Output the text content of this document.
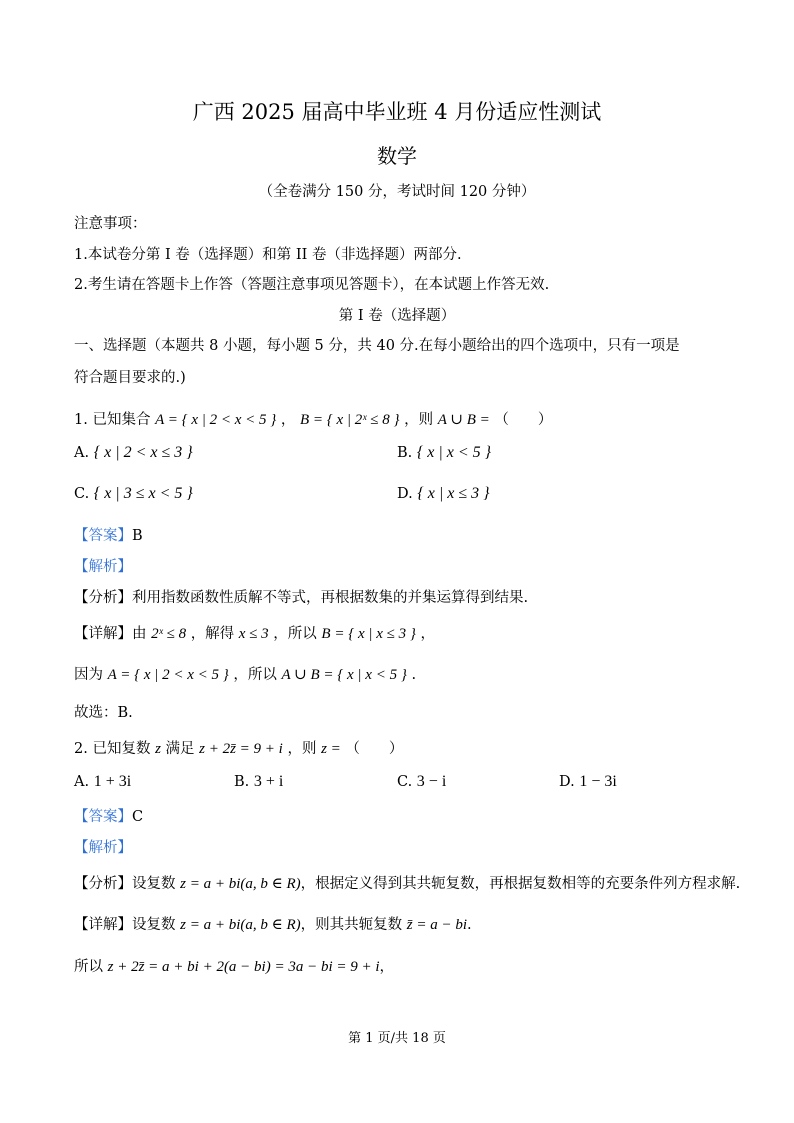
广西 2025 届高中毕业班 4 月份适应性测试
数学
（全卷满分 150 分，考试时间 120 分钟）
注意事项：
1.本试卷分第 I 卷（选择题）和第 II 卷（非选择题）两部分.
2.考生请在答题卡上作答（答题注意事项见答题卡），在本试题上作答无效.
第 I 卷（选择题）
一、选择题（本题共 8 小题，每小题 5 分，共 40 分.在每小题给出的四个选项中，只有一项是
符合题目要求的.)
1. 已知集合 A = { x | 2 < x < 5 } ， B = { x | 2ˣ ≤ 8 } ，则 A ∪ B = （　　）
A. { x | 2 < x ≤ 3 }	B. { x | x < 5 }
C. { x | 3 ≤ x < 5 }	D. { x | x ≤ 3 }
【答案】B
【解析】
【分析】利用指数函数性质解不等式，再根据数集的并集运算得到结果.
【详解】由 2ˣ ≤ 8 ，解得 x ≤ 3 ，所以 B = { x | x ≤ 3 } ，
因为 A = { x | 2 < x < 5 } ，所以 A ∪ B = { x | x < 5 } .
故选：B.
2. 已知复数 z 满足 z + 2z̄ = 9 + i ，则 z = （　　）
A. 1 + 3i	B. 3 + i	C. 3 − i	D. 1 − 3i
【答案】C
【解析】
【分析】设复数 z = a + bi(a, b ∈ R)，根据定义得到其共轭复数，再根据复数相等的充要条件列方程求解.
【详解】设复数 z = a + bi(a, b ∈ R)，则其共轭复数 z̄ = a − bi.
所以 z + 2z̄ = a + bi + 2(a − bi) = 3a − bi = 9 + i，
第 1 页/共 18 页
